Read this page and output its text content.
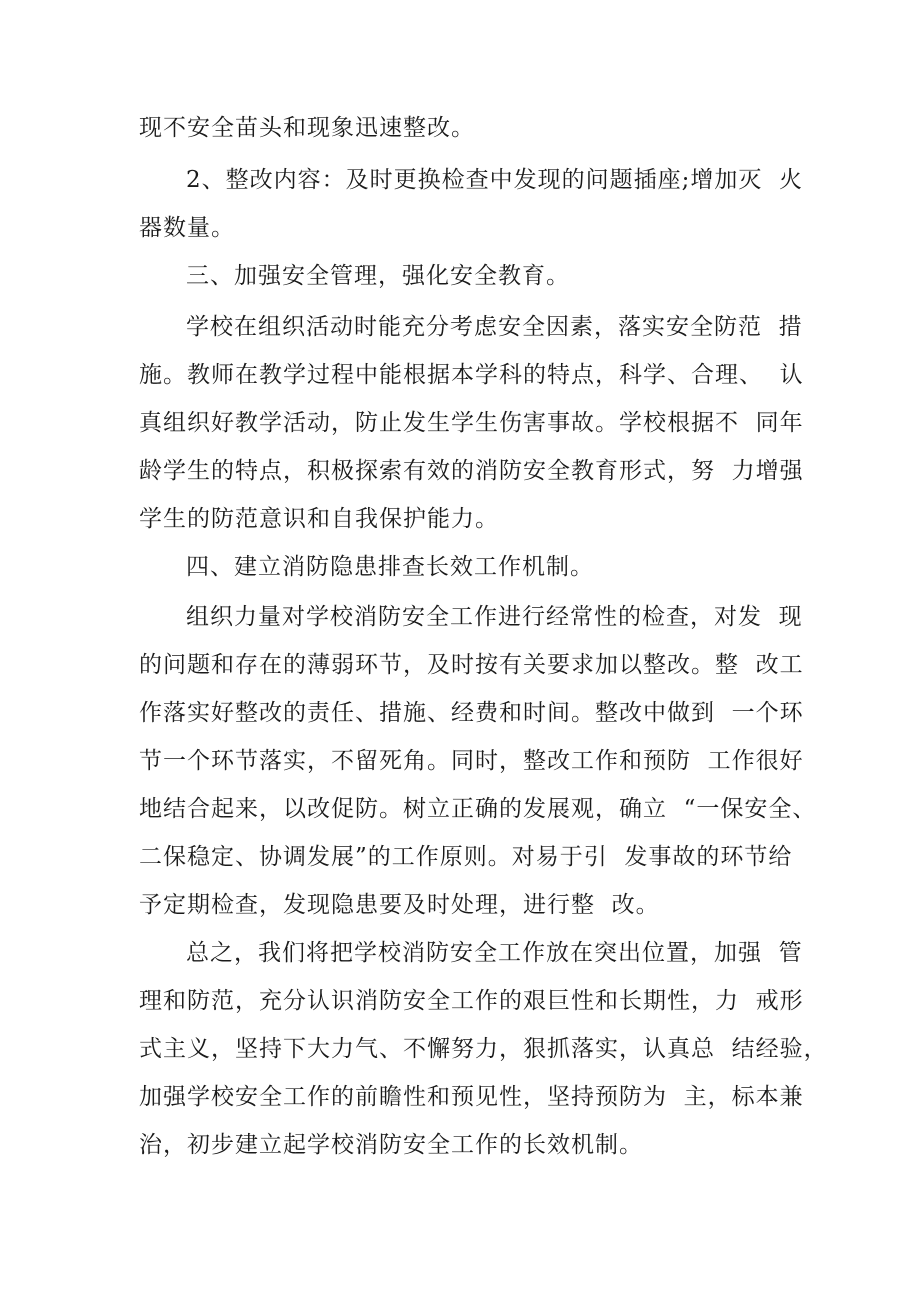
现不安全苗头和现象迅速整改。
2、整改内容：及时更换检查中发现的问题插座;增加灭  火
器数量。
三、加强安全管理，强化安全教育。
学校在组织活动时能充分考虑安全因素，落实安全防范  措
施。教师在教学过程中能根据本学科的特点，科学、合理、  认
真组织好教学活动，防止发生学生伤害事故。学校根据不  同年
龄学生的特点，积极探索有效的消防安全教育形式，努  力增强
学生的防范意识和自我保护能力。
四、建立消防隐患排查长效工作机制。
组织力量对学校消防安全工作进行经常性的检查，对发  现
的问题和存在的薄弱环节，及时按有关要求加以整改。整  改工
作落实好整改的责任、措施、经费和时间。整改中做到  一个环
节一个环节落实，不留死角。同时，整改工作和预防  工作很好
地结合起来，以改促防。树立正确的发展观，确立  “一保安全、
二保稳定、协调发展”的工作原则。对易于引  发事故的环节给
予定期检查，发现隐患要及时处理，进行整  改。
总之，我们将把学校消防安全工作放在突出位置，加强  管
理和防范，充分认识消防安全工作的艰巨性和长期性，力  戒形
式主义，坚持下大力气、不懈努力，狠抓落实，认真总  结经验，
加强学校安全工作的前瞻性和预见性，坚持预防为  主，标本兼
治，初步建立起学校消防安全工作的长效机制。
